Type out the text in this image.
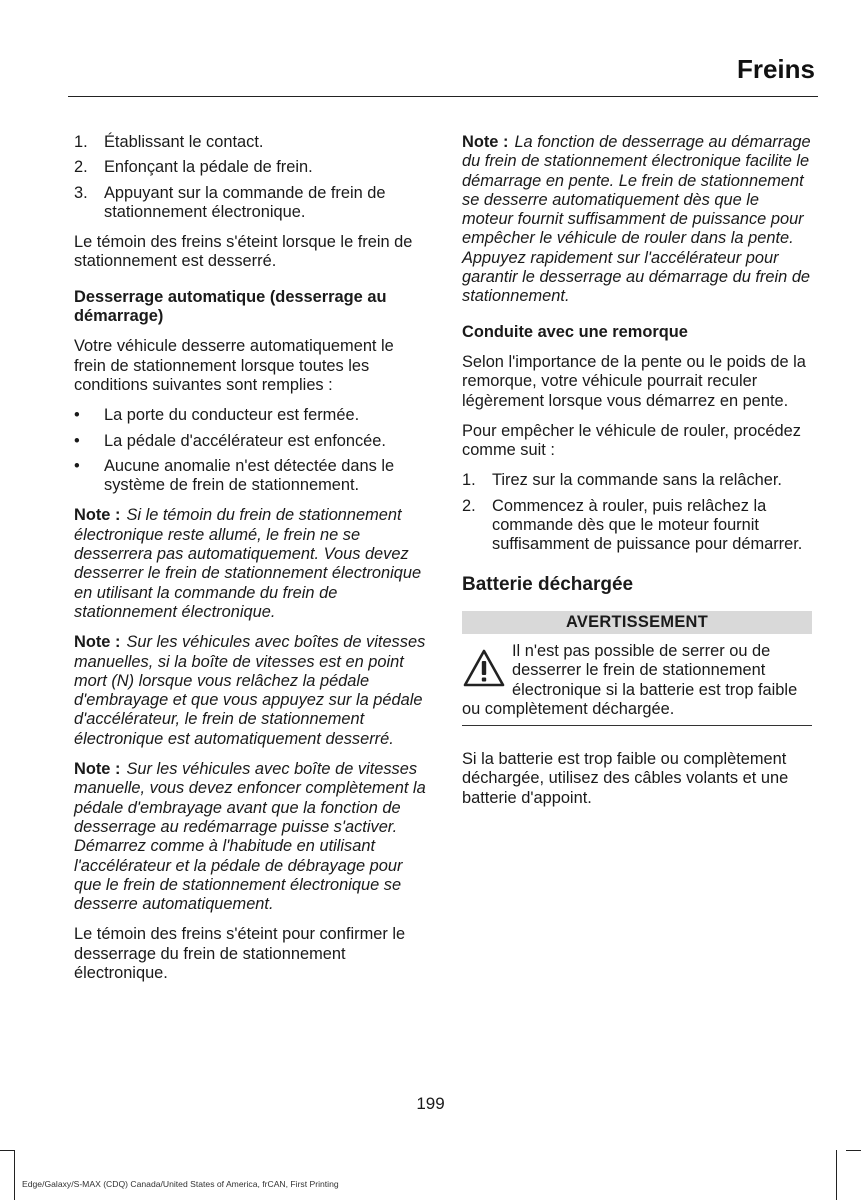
Freins
1. Établissant le contact.
2. Enfonçant la pédale de frein.
3. Appuyant sur la commande de frein de stationnement électronique.

Le témoin des freins s'éteint lorsque le frein de stationnement est desserré.

Desserrage automatique (desserrage au démarrage)

Votre véhicule desserre automatiquement le frein de stationnement lorsque toutes les conditions suivantes sont remplies :

• La porte du conducteur est fermée.
• La pédale d'accélérateur est enfoncée.
• Aucune anomalie n'est détectée dans le système de frein de stationnement.

Note : Si le témoin du frein de stationnement électronique reste allumé, le frein ne se desserrera pas automatiquement. Vous devez desserrer le frein de stationnement électronique en utilisant la commande du frein de stationnement électronique.

Note : Sur les véhicules avec boîtes de vitesses manuelles, si la boîte de vitesses est en point mort (N) lorsque vous relâchez la pédale d'embrayage et que vous appuyez sur la pédale d'accélérateur, le frein de stationnement électronique est automatiquement desserré.

Note : Sur les véhicules avec boîte de vitesses manuelle, vous devez enfoncer complètement la pédale d'embrayage avant que la fonction de desserrage au redémarrage puisse s'activer. Démarrez comme à l'habitude en utilisant l'accélérateur et la pédale de débrayage pour que le frein de stationnement électronique se desserre automatiquement.

Le témoin des freins s'éteint pour confirmer le desserrage du frein de stationnement électronique.

Note : La fonction de desserrage au démarrage du frein de stationnement électronique facilite le démarrage en pente. Le frein de stationnement se desserre automatiquement dès que le moteur fournit suffisamment de puissance pour empêcher le véhicule de rouler dans la pente. Appuyez rapidement sur l'accélérateur pour garantir le desserrage au démarrage du frein de stationnement.

Conduite avec une remorque

Selon l'importance de la pente ou le poids de la remorque, votre véhicule pourrait reculer légèrement lorsque vous démarrez en pente.

Pour empêcher le véhicule de rouler, procédez comme suit :

1. Tirez sur la commande sans la relâcher.
2. Commencez à rouler, puis relâchez la commande dès que le moteur fournit suffisamment de puissance pour démarrer.
Batterie déchargée
AVERTISSEMENT
Il n'est pas possible de serrer ou de desserrer le frein de stationnement électronique si la batterie est trop faible ou complètement déchargée.

Si la batterie est trop faible ou complètement déchargée, utilisez des câbles volants et une batterie d'appoint.

199
Edge/Galaxy/S-MAX (CDQ) Canada/United States of America, frCAN, First Printing
